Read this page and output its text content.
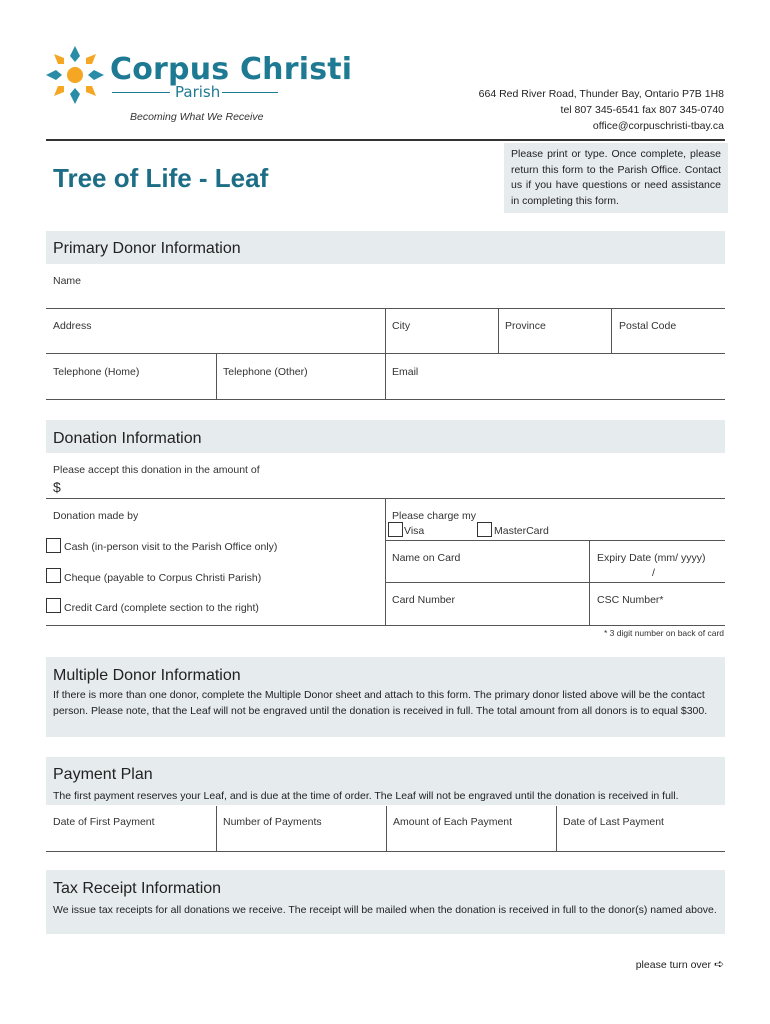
Corpus Christi
Parish
Becoming What We Receive
664 Red River Road, Thunder Bay, Ontario P7B 1H8
tel 807 345-6541 fax 807 345-0740
office@corpuschristi-tbay.ca
Tree of Life - Leaf
Please print or type. Once complete, please return this form to the Parish Office. Contact us if you have questions or need assistance in completing this form.
Primary Donor Information
Name
Address	City	Province	Postal Code
Telephone (Home)	Telephone (Other)	Email
Donation Information
Please accept this donation in the amount of
$
Donation made by
Cash (in-person visit to the Parish Office only)
Cheque (payable to Corpus Christi Parish)
Credit Card (complete section to the right)
Please charge my
Visa	MasterCard
Name on Card	Expiry Date (mm/ yyyy)
/
Card Number	CSC Number*
* 3 digit number on back of card
Multiple Donor Information
If there is more than one donor, complete the Multiple Donor sheet and attach to this form. The primary donor listed above will be the contact person. Please note, that the Leaf will not be engraved until the donation is received in full. The total amount from all donors is to equal $300.
Payment Plan
The first payment reserves your Leaf, and is due at the time of order. The Leaf will not be engraved until the donation is received in full.
Date of First Payment	Number of Payments	Amount of Each Payment	Date of Last Payment
Tax Receipt Information
We issue tax receipts for all donations we receive. The receipt will be mailed when the donation is received in full to the donor(s) named above.
please turn over ➪
